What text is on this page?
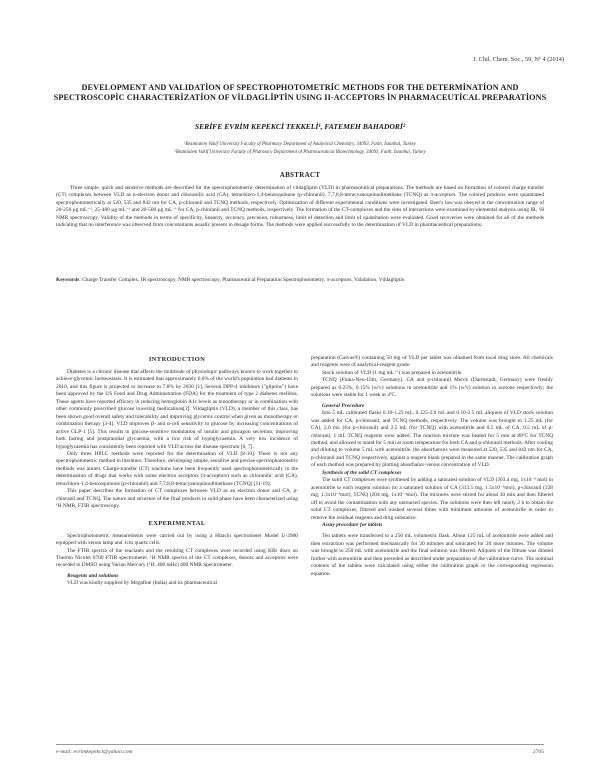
J. Chil. Chem. Soc., 59, Nº 4 (2014)
DEVELOPMENT AND VALIDATİON OF SPECTROPHOTOMETRİC METHODS FOR THE DETERMİNATİON AND SPECTROSCOPİC CHARACTERİZATİON OF VİLDAGLİPTİN USING II-ACCEPTORS İN PHARMACEUTİCAL PREPARATİONS
SERİFE EVRİM KEPEKCİ TEKKELİ¹, FATEMEH BAHADORİ²
¹Bezmialem Vakif University Faculty of Pharmacy Department of Analytical Chemistry, 34093, Fatih, İstanbul, Turkey
²Bezmialem Vakif University Faculty of Pharmacy Department of Pharmaceutical Biotechnology, 34093, Fatih, İstanbul, Turkey
ABSTRACT
Three simple, quick and sensitive methods are described for the spectrophotometric determination of vildagliptin (VLD) in pharmaceutical preparations. The methods are based on formation of colored charge transfer (CT) complexes between VLD as n-electron donor and chloranilic acid (CA), tetrachloro-1,4-benzoquinone (p-chloranil), 7,7,8,8-tetracyanoquinodimethane (TCNQ) as π-acceptors. The colored products were quantitated spectrophotometrically at 520, 535 and 842 nm for CA, p-chloranil and TCNQ methods, respectively. Optimization of different experimental conditions were investigated. Beer's law was obeyed in the concentration range of 20-250 µg mL⁻¹, 25-400 µg mL⁻¹ and 20-500 µg mL⁻¹ for CA, p-chloranil and TCNQ methods, respectively. The formation of the CT-complexes and the sites of interactions were examined by elemental analysis using IR, ¹H NMR spectroscopy. Validity of the methods in terms of specificity, linearity, accuracy, precision, robustness, limit of detection and limit of quantitation were evaluated. Good recoveries were obtained for all of the methods indicating that no interference was observed from concomitants usually present in dosage forms. The methods were applied successfully to the determination of VLD in pharmaceutical preparations.
Keywords: Charge Transfer Complex, IR spectroscopy, NMR spectroscopy, Pharmaceutical Preparation Spectrophotometry, π-acceptors, Validation, Vildagliptin
INTRODUCTION

Diabetes is a chronic disease that affects the multitude of physiologic pathways known to work together to achieve glycemic homeostasis. It is estimated that approximately 6.6% of the world's population had diabetes in 2010, and this figure is projected to increase to 7.8% by 2030 [1]. Several DPP-4 inhibitors ("gliptins") have been approved by the US Food and Drug Administration (FDA) for the treatment of type 2 diabetes mellitus. These agents have reported efficacy in reducing hemoglobin A1c levels as monotherapy or in combination with other commonly prescribed glucose lowering medications[2]. Vildagliptin (VLD), a member of this class, has been shown good overall safety and tolerability and improving glycemic control when given as monotherapy or combination therapy [3-4]. VLD improves β- and α-cell sensitivity to glucose by increasing concentrations of active GLP-1 [5]. This results in glucose-sensitive modulation of insulin and glucagon secretion, improving both fasting and postprandial glycaemia, with a low risk of hypoglycaemia. A very low incidence of hypoglycaemia has consistently been reported with VLD across the disease spectrum [6, 7].

Only three HPLC methods were reported for the determination of VLD [8-10]. There is not any spectrophotometric method in literature. Therefore, developing simple, sensitive and precise spectrophotometric methods was aimed. Charge-transfer (CT) reactions have been frequently used spectrophotometrically in the determination of drugs that works with some electron acceptors (π-acceptors) such as chloranilic acid (CA), tetrachloro-1,4-benzoquinone (p-chloranil) and 7,7,8,8-tetracyanoquinodimethane (TCNQ) [11-19].

This paper describes the formation of CT complexes between VLD as an electron donor and CA, p-chloranil and TCNQ. The nature and structure of the final products in solid phase have been characterized using ¹H NMR, FTIR spectroscopy.

EXPERIMENTAL

Spectrophotometric measurements were carried out by using a Hitachi spectrometer Model U-2900 equipped with xenon lamp and 1cm quartz cells.

The FTIR spectra of the reactants and the resulting CT complexes were recorded using KBr discs on Thermo Nicolet 6700 FTIR spectrometer. ¹H NMR spectra of the CT complexes, donors and acceptors were recorded in DMSO using Varian Mercury (¹H: 400 mHz) 400 NMR Spectrometer.

Reagents and solutions

VLD was kindly supplied by Megafine (India) and its pharmaceutical

preparation (Galvus®) containing 50 mg of VLD per tablet was obtained from local drug store. All chemicals and reagents were of analytical-reagent grade.

Stock solution of VLD (1 mg mL⁻¹) was prepared in acetonitrile.

TCNQ (Fluka-Neu-Ulm, Germany), CA and p-chloranil Merck (Darmstadt, Germany) were freshly prepared as 0.25%, 0.15% (w/v) solutions in acetonitrile and 1% (w/v) solution in acetone respectively; the solutions were stable for 1 week at 4ºC.

General Procedure

Into 5 mL calibrated flasks 0.10-1.25 mL, 0.125-2.0 mL and 0.10-2.5 mL aliquots of VLD stock solution was added for CA, p-chloranil, and TCNQ methods, respectively. The volume was brought to 1.25 mL (for CA), 2.0 mL (for p-chloranil) and 2.5 mL (for TCNQ) with acetonitrile and 0.5 mL of CA, 0.5 mL of p-chloranil, 1 mL TCNQ reagents were added. The reaction mixture was heated for 5 min at 80ºC for TCNQ method, and allowed to stand for 5 min at room temperature for both CA and p-chloranil methods. After cooling and diluting to volume 5 mL with acetonitrile, the absorbances were measured at 520, 535 and 842 nm for CA, p-chloranil and TCNQ respectively, against a reagent blank prepared in the same manner. The calibration graph of each method was prepared by plotting absorbance versus concentration of VLD.

Synthesis of the solid CT complexes

The solid CT complexes were synthesed by adding a saturated solution of VLD (303.4 mg, 1x10⁻³ mol) in acetonitrile to each reagent solution (to a saturated solution of CA (313.5 mg, 1.5x10⁻³mol), p-chloranil (328 mg, 1.3x10⁻³mol), TCNQ (204 mg, 1x10⁻³mol). The mixtures were stirred for about 30 min and then filtered off to avoid the contamination with any unreacted species. The solutions were then left nearly 2 h to obtain the solid CT complexes, filtered and washed several times with minimum amounts of acetonitrile in order to remove the residual reagents and drug substance.

Assay procedure for tablets

Ten tablets were transferred to a 250 mL volumetric flask. About 125 mL of acetonitrile were added and then extraction was performed mechanically for 20 minutes and sonicated for 20 more minutes. The volume was brought to 250 mL with acetonitrile and the final solution was filtered. Aliquots of the filtrate was diluted further with acetonitrile and then preceded as described under preparation of the calibration curve. The nominal contents of the tablets were calculated using either the calibration graph or the corresponding regression equation.

e-mail: evrimkepekci@yahoo.com	2705
